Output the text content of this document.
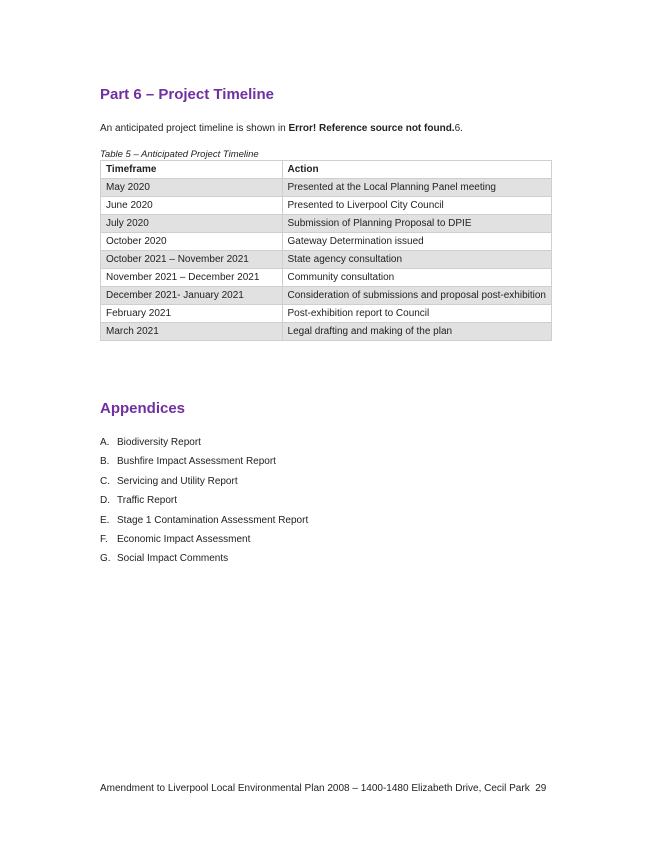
Part 6 – Project Timeline

An anticipated project timeline is shown in Error! Reference source not found.6.

Table 5 – Anticipated Project Timeline
Timeframe	Action
May 2020	Presented at the Local Planning Panel meeting
June 2020	Presented to Liverpool City Council
July 2020	Submission of Planning Proposal to DPIE
October 2020	Gateway Determination issued
October 2021 – November 2021	State agency consultation
November 2021 – December 2021	Community consultation
December 2021- January 2021	Consideration of submissions and proposal post-exhibition
February 2021	Post-exhibition report to Council
March 2021	Legal drafting and making of the plan
Appendices
A. Biodiversity Report
B. Bushfire Impact Assessment Report
C. Servicing and Utility Report
D. Traffic Report
E. Stage 1 Contamination Assessment Report
F. Economic Impact Assessment
G. Social Impact Comments
Amendment to Liverpool Local Environmental Plan 2008 – 1400-1480 Elizabeth Drive, Cecil Park 29
